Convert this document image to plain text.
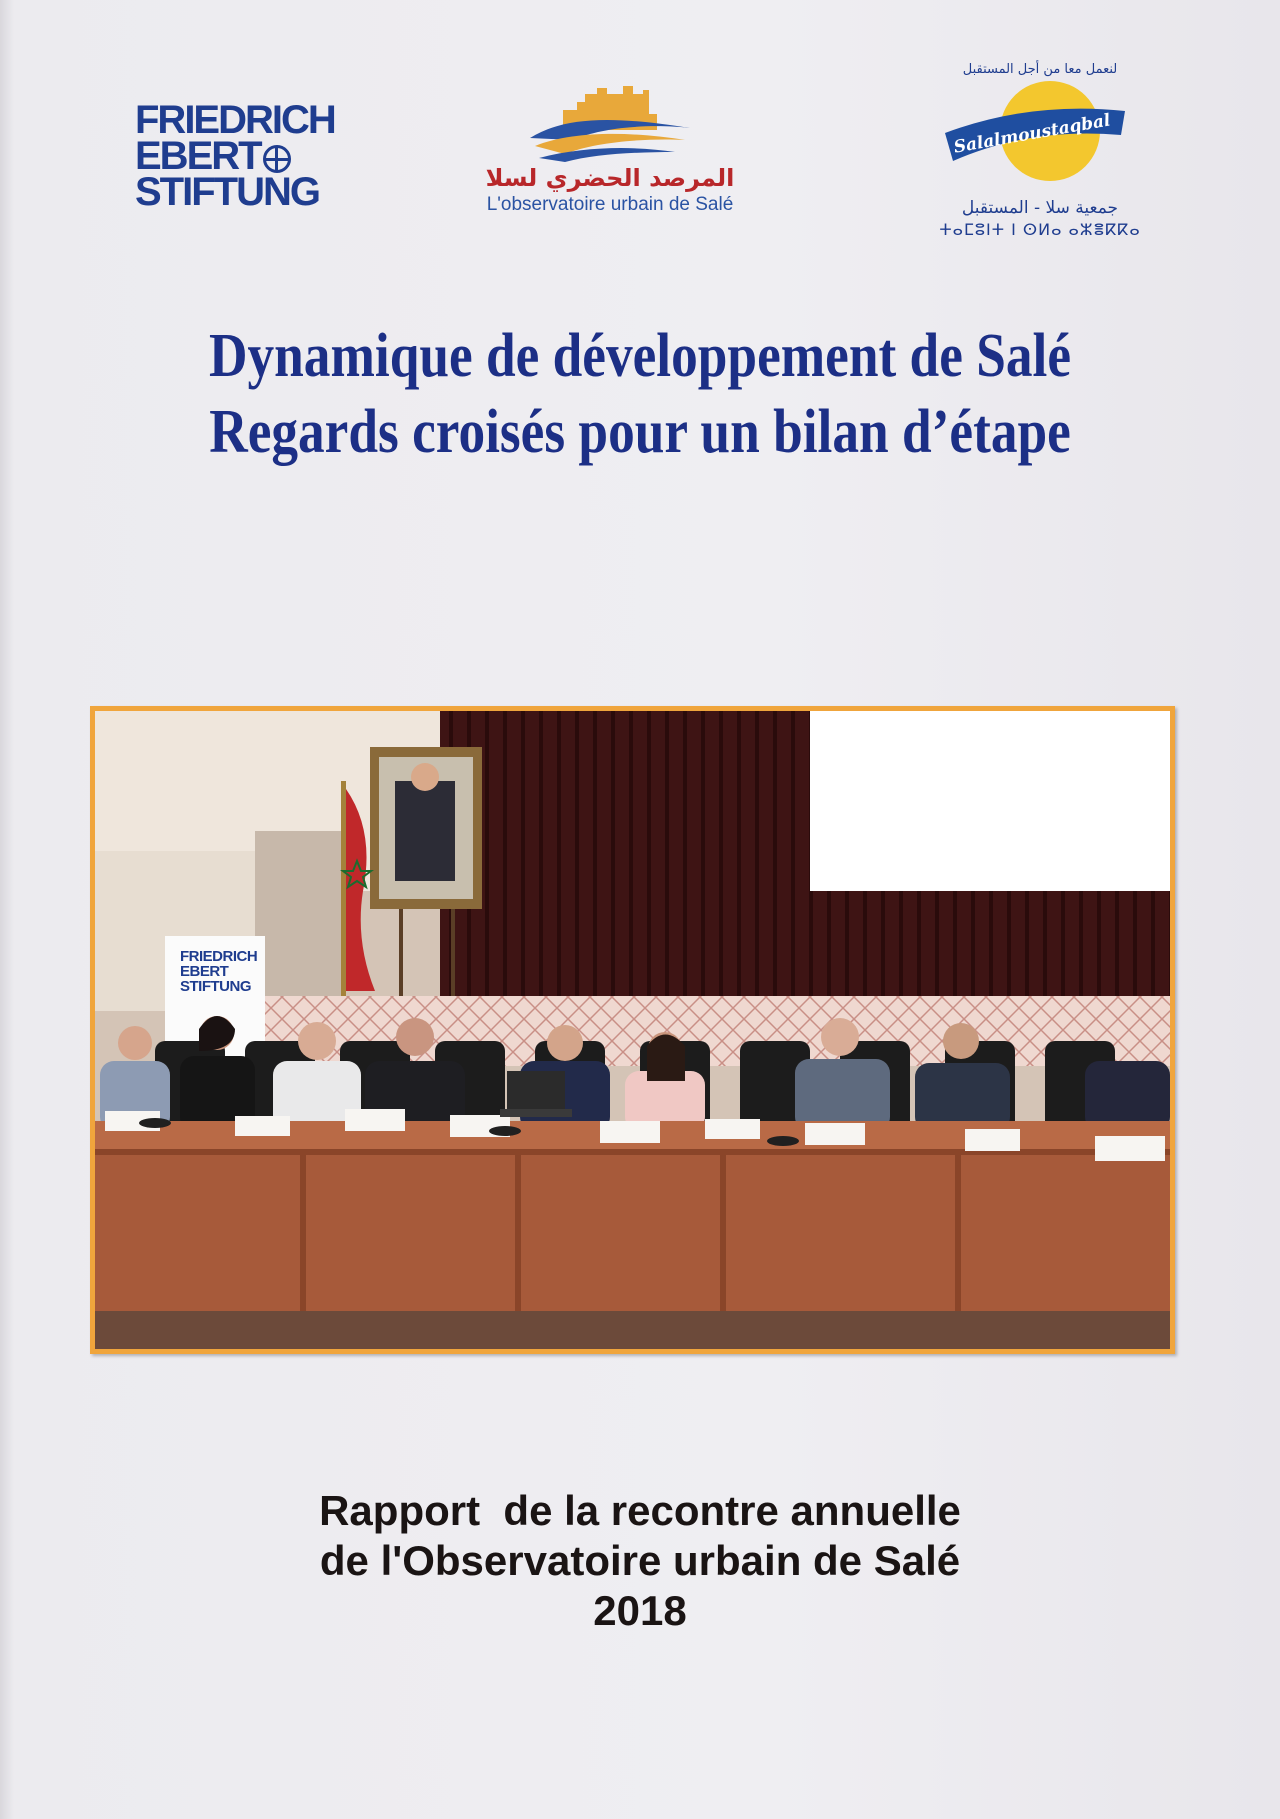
FRIEDRICH
EBERT
STIFTUNG	المرصد الحضري لسلا
L'observatoire urbain de Salé
لنعمل معا من أجل المستقبل
Salalmoustaqbal
جمعية سلا - المستقبل
ⵜⴰⵎⵓⵏⵜ ⵏ ⵙⵍⴰ ⴰⵣⴻⴽⴽⴰ
Dynamique de développement de Salé
Regards croisés pour un bilan d’étape
FRIEDRICH
EBERT
STIFTUNG
Rapport  de la recontre annuelle
de l'Observatoire urbain de Salé
2018
